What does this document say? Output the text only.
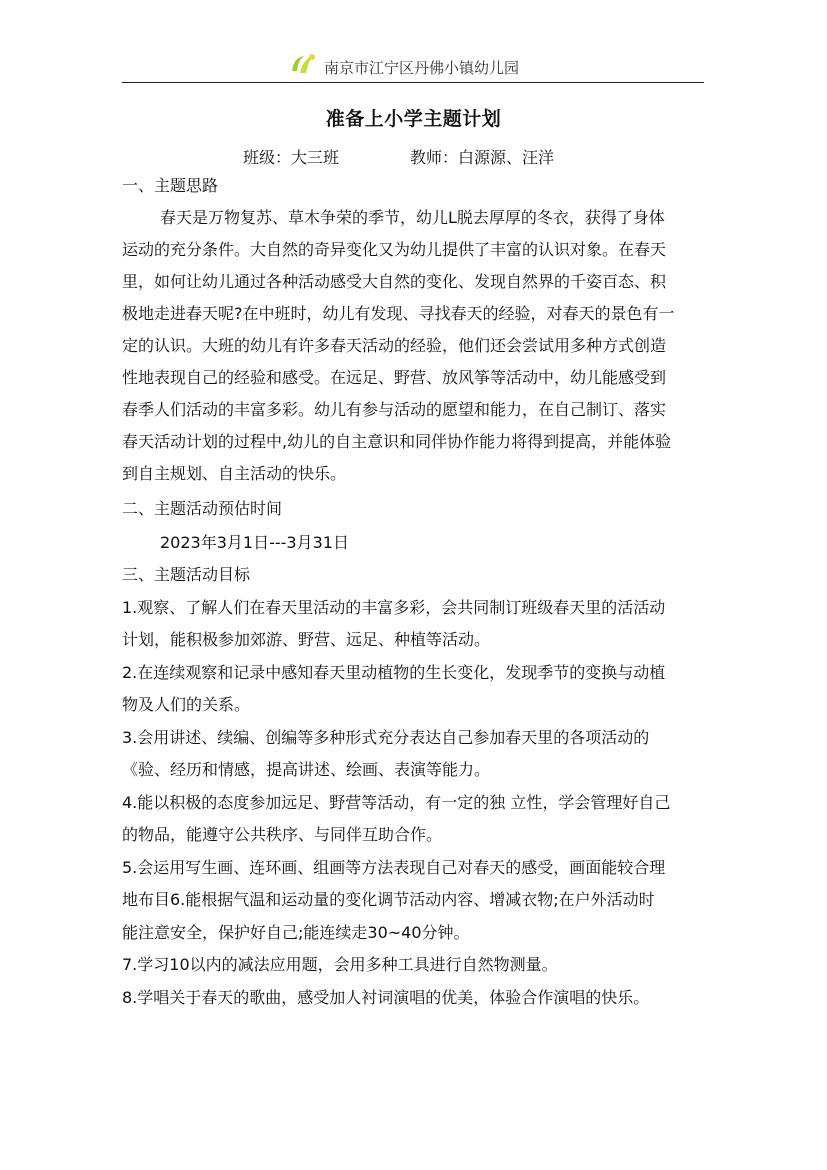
南京市江宁区丹佛小镇幼儿园
准备上小学主题计划
班级：大三班	教师：白源源、汪洋
一、主题思路
春天是万物复苏、草木争荣的季节，幼儿L脱去厚厚的冬衣，获得了身体
运动的充分条件。大自然的奇异变化又为幼儿提供了丰富的认识对象。在春天
里，如何让幼儿通过各种活动感受大自然的变化、发现自然界的千姿百态、积
极地走进春天呢?在中班时，幼儿有发现、寻找春天的经验，对春天的景色有一
定的认识。大班的幼儿有许多春天活动的经验，他们还会尝试用多种方式创造
性地表现自己的经验和感受。在远足、野营、放风筝等活动中，幼儿能感受到
春季人们活动的丰富多彩。幼儿有参与活动的愿望和能力，在自己制订、落实
春天活动计划的过程中,幼儿的自主意识和同伴协作能力将得到提高，并能体验
到自主规划、自主活动的快乐。
二、主题活动预估时间
2023年3月1日---3月31日
三、主题活动目标
1.观察、了解人们在春天里活动的丰富多彩，会共同制订班级春天里的活活动
计划，能积极参加郊游、野营、远足、种植等活动。
2.在连续观察和记录中感知春天里动植物的生长变化，发现季节的变换与动植
物及人们的关系。
3.会用讲述、续编、创编等多种形式充分表达自己参加春天里的各项活动的
《验、经历和情感，提高讲述、绘画、表演等能力。
4.能以积极的态度参加远足、野营等活动，有一定的独 立性，学会管理好自己
的物品，能遵守公共秩序、与同伴互助合作。
5.会运用写生画、连环画、组画等方法表现自己对春天的感受，画面能较合理
地布目6.能根据气温和运动量的变化调节活动内容、增减衣物;在户外活动时
能注意安全，保护好自己;能连续走30~40分钟。
7.学习10以内的减法应用题，会用多种工具进行自然物测量。
8.学唱关于春天的歌曲，感受加人衬词演唱的优美，体验合作演唱的快乐。
